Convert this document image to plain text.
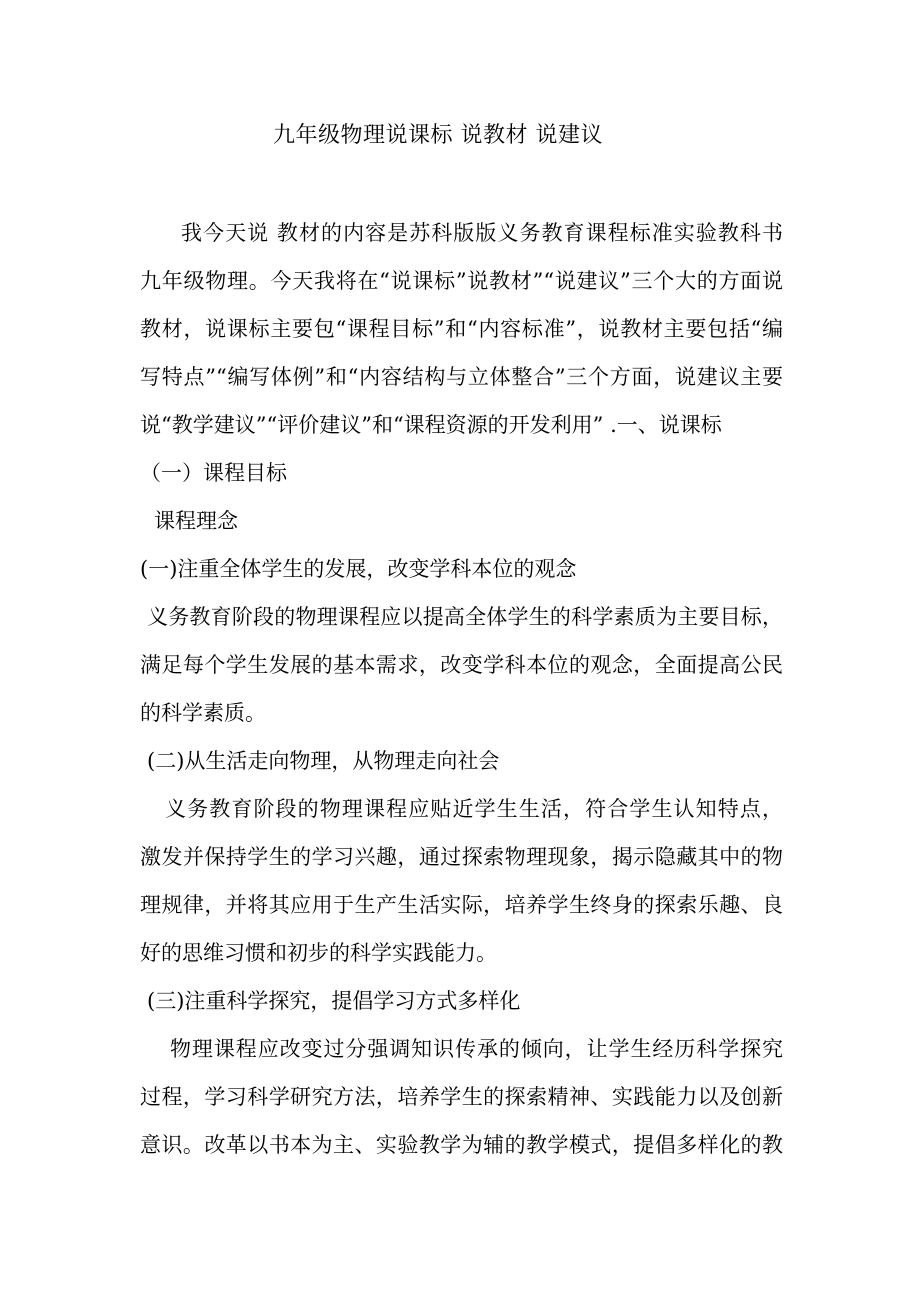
九年级物理说课标 说教材 说建议
我今天说 教材的内容是苏科版版义务教育课程标准实验教科书
九年级物理。今天我将在“说课标”说教材”“说建议”三个大的方面说
教材，说课标主要包“课程目标”和“内容标准”，说教材主要包括“编
写特点”“编写体例”和“内容结构与立体整合”三个方面，说建议主要
说“教学建议”“评价建议”和“课程资源的开发利用” .一、说课标
（一）课程目标
课程理念
(一)注重全体学生的发展，改变学科本位的观念
义务教育阶段的物理课程应以提高全体学生的科学素质为主要目标，
满足每个学生发展的基本需求，改变学科本位的观念，全面提高公民
的科学素质。
(二)从生活走向物理，从物理走向社会
义务教育阶段的物理课程应贴近学生生活，符合学生认知特点，
激发并保持学生的学习兴趣，通过探索物理现象，揭示隐藏其中的物
理规律，并将其应用于生产生活实际，培养学生终身的探索乐趣、良
好的思维习惯和初步的科学实践能力。
(三)注重科学探究，提倡学习方式多样化
物理课程应改变过分强调知识传承的倾向，让学生经历科学探究
过程，学习科学研究方法，培养学生的探索精神、实践能力以及创新
意识。改革以书本为主、实验教学为辅的教学模式，提倡多样化的教
